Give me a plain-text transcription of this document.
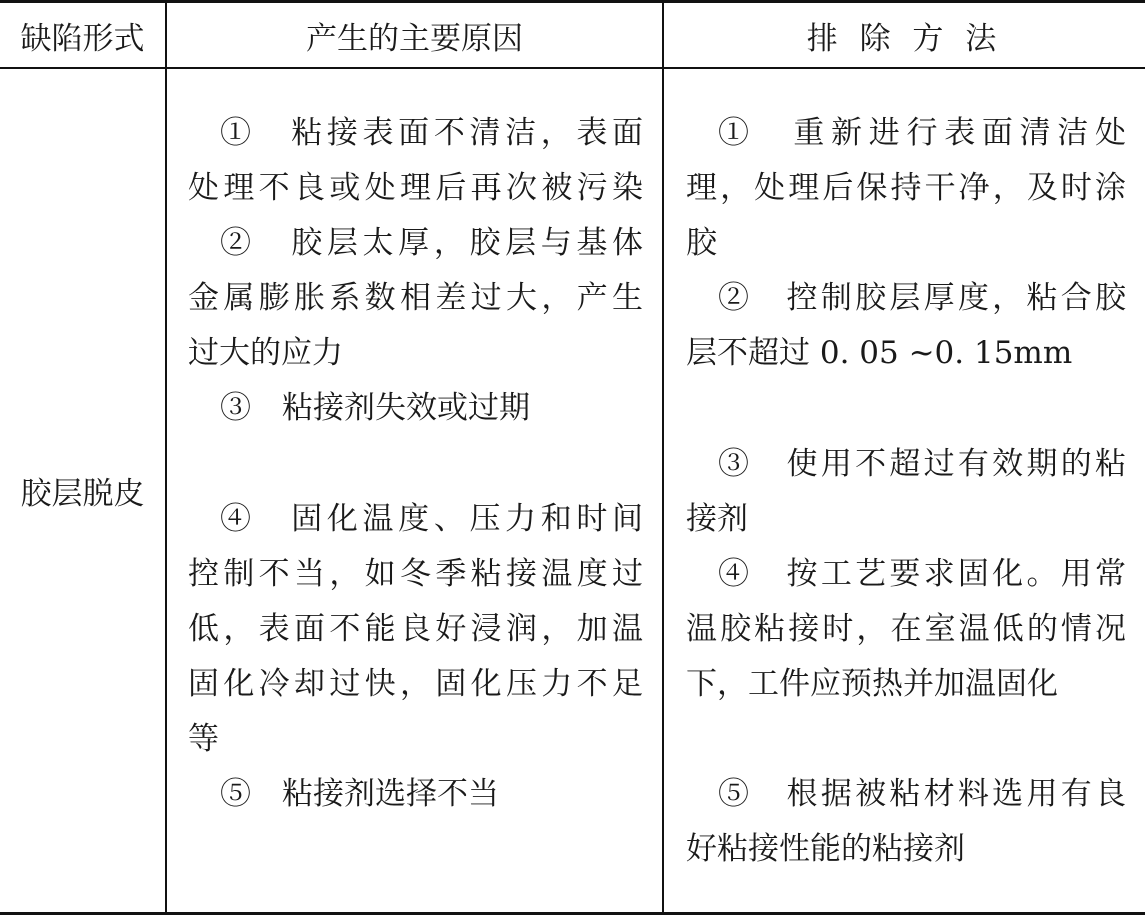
缺陷形式	产生的主要原因	排 除 方 法
胶层脱皮
①　粘接表面不清洁，表面
处理不良或处理后再次被污染
②　胶层太厚，胶层与基体
金属膨胀系数相差过大，产生
过大的应力
③　粘接剂失效或过期
④　固化温度、压力和时间
控制不当，如冬季粘接温度过
低，表面不能良好浸润，加温
固化冷却过快，固化压力不足
等
⑤　粘接剂选择不当
①　重新进行表面清洁处
理，处理后保持干净，及时涂
胶
②　控制胶层厚度，粘合胶
层不超过 0. 05 ~0. 15mm
③　使用不超过有效期的粘
接剂
④　按工艺要求固化。用常
温胶粘接时，在室温低的情况
下，工件应预热并加温固化
⑤　根据被粘材料选用有良
好粘接性能的粘接剂
